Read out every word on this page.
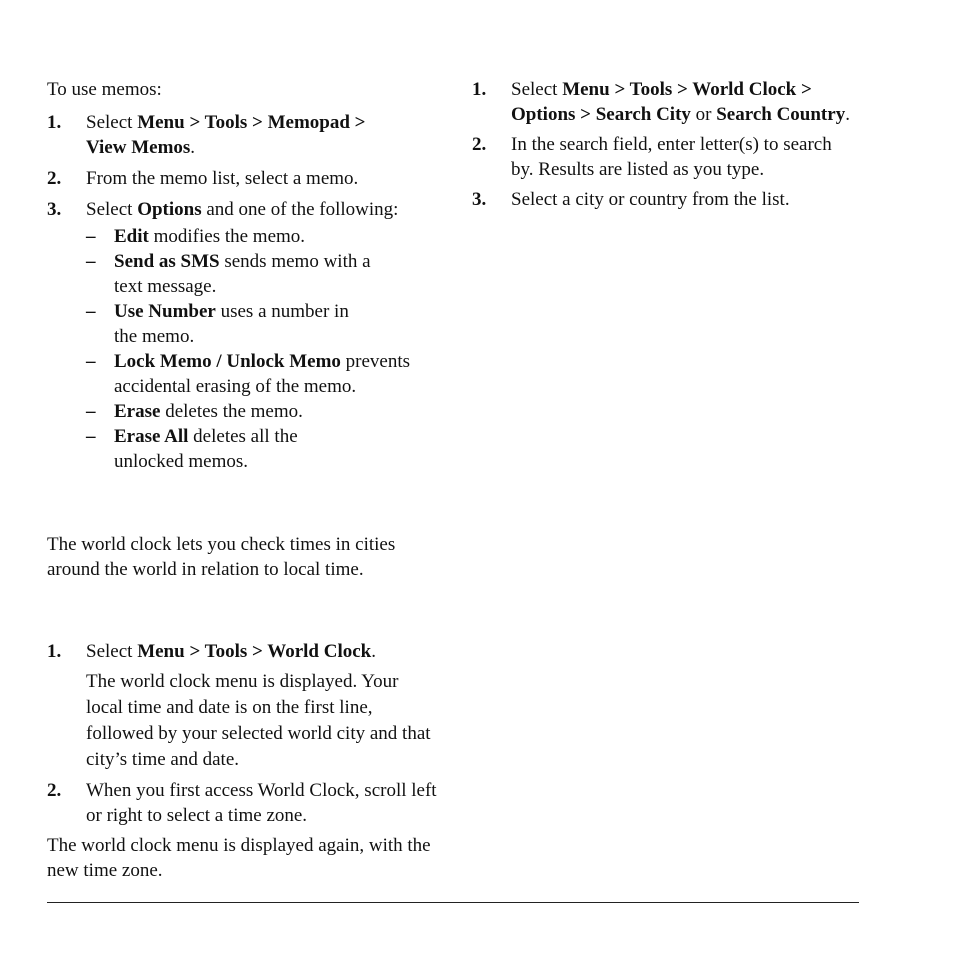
To use memos:

1. Select Menu > Tools > Memopad > View Memos.
2. From the memo list, select a memo.
3. Select Options and one of the following:
– Edit modifies the memo.
– Send as SMS sends memo with a text message.
– Use Number uses a number in the memo.
– Lock Memo / Unlock Memo prevents accidental erasing of the memo.
– Erase deletes the memo.
– Erase All deletes all the unlocked memos.

The world clock lets you check times in cities around the world in relation to local time.

1. Select Menu > Tools > World Clock.

The world clock menu is displayed. Your local time and date is on the first line, followed by your selected world city and that city’s time and date.

2. When you first access World Clock, scroll left or right to select a time zone.

The world clock menu is displayed again, with the new time zone.

1. Select Menu > Tools > World Clock > Options > Search City or Search Country.
2. In the search field, enter letter(s) to search by. Results are listed as you type.
3. Select a city or country from the list.
